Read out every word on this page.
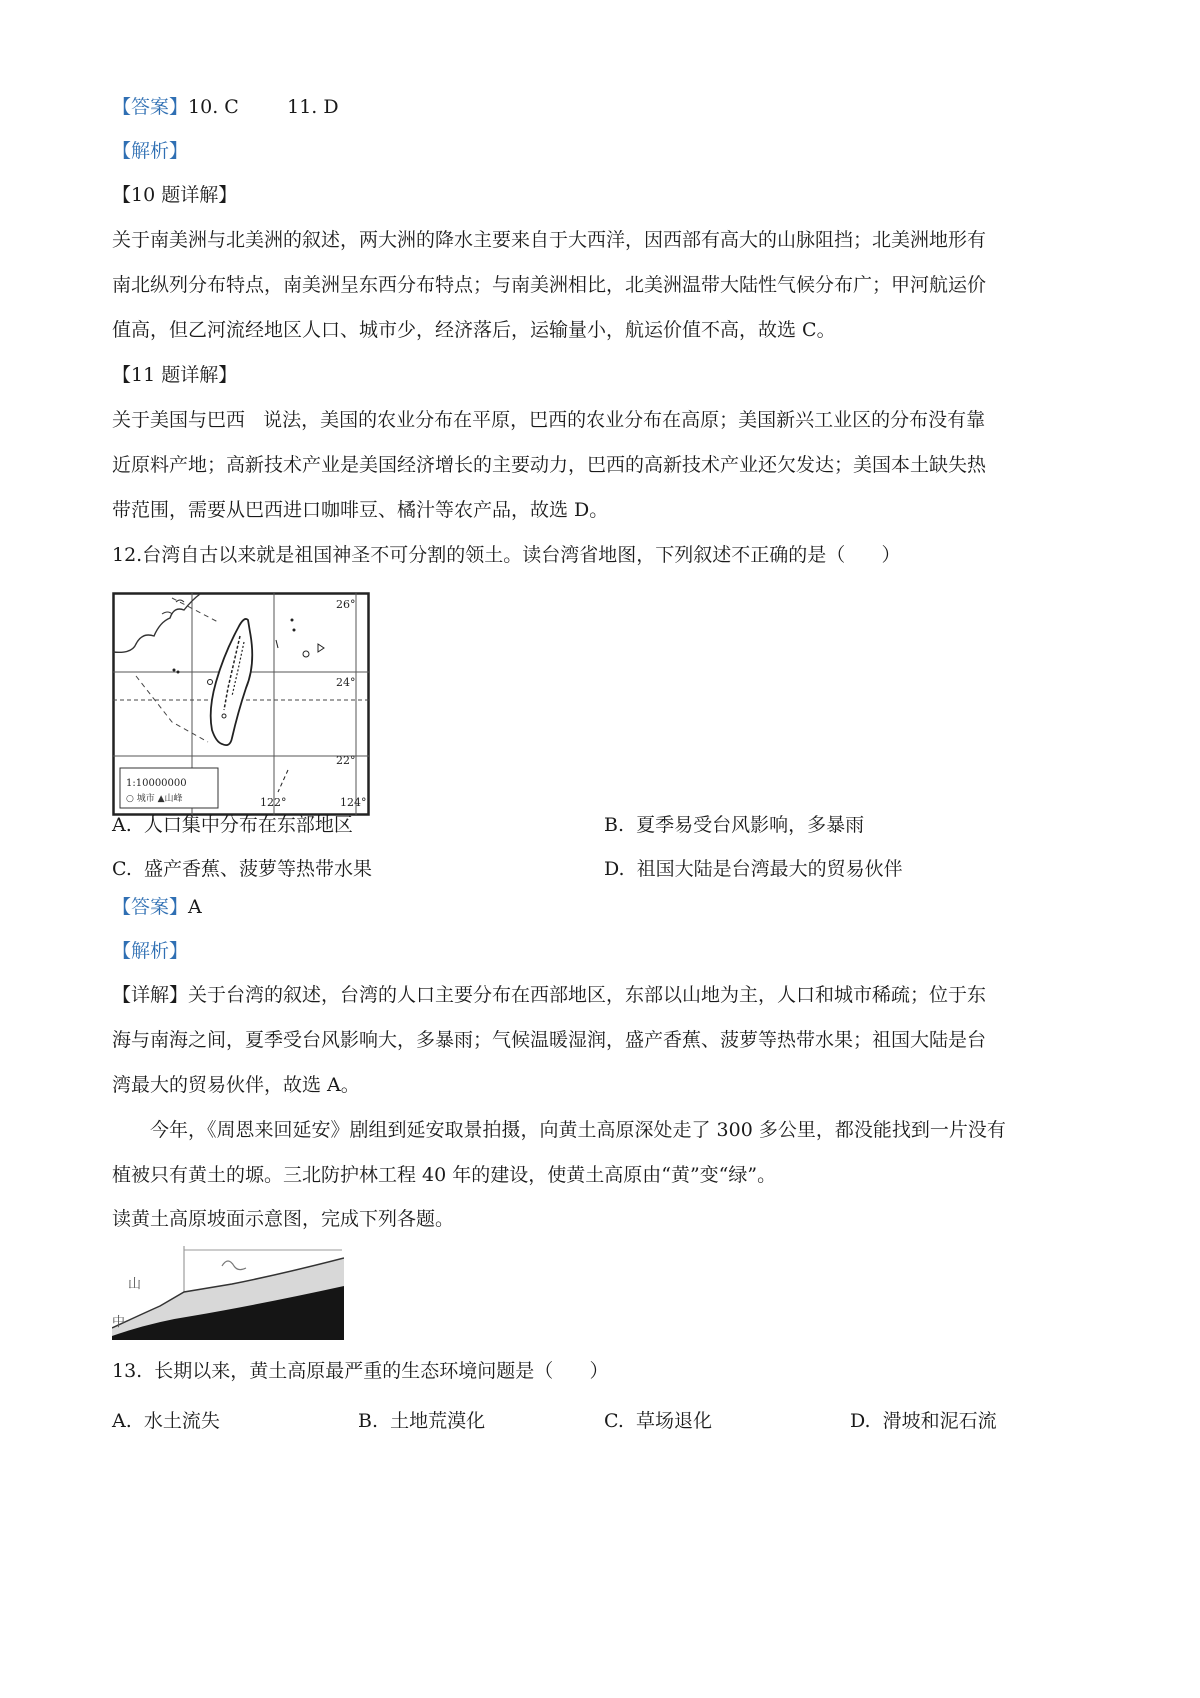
【答案】10. C        11. D
【解析】
【10 题详解】
关于南美洲与北美洲的叙述，两大洲的降水主要来自于大西洋，因西部有高大的山脉阻挡；北美洲地形有
南北纵列分布特点，南美洲呈东西分布特点；与南美洲相比，北美洲温带大陆性气候分布广；甲河航运价
值高，但乙河流经地区人口、城市少，经济落后，运输量小，航运价值不高，故选 C。
【11 题详解】
关于美国与巴西   说法，美国的农业分布在平原，巴西的农业分布在高原；美国新兴工业区的分布没有靠
近原料产地；高新技术产业是美国经济增长的主要动力，巴西的高新技术产业还欠发达；美国本土缺失热
带范围，需要从巴西进口咖啡豆、橘汁等农产品，故选 D。
12.台湾自古以来就是祖国神圣不可分割的领土。读台湾省地图，下列叙述不正确的是（      ）
26°
24°
22°
122°	124°
1:10000000
○ 城市 ▲山峰
A.  人口集中分布在东部地区	B.  夏季易受台风影响，多暴雨
C.  盛产香蕉、菠萝等热带水果	D.  祖国大陆是台湾最大的贸易伙伴
【答案】A
【解析】
【详解】关于台湾的叙述，台湾的人口主要分布在西部地区，东部以山地为主，人口和城市稀疏；位于东
海与南海之间，夏季受台风影响大，多暴雨；气候温暖湿润，盛产香蕉、菠萝等热带水果；祖国大陆是台
湾最大的贸易伙伴，故选 A。
今年，《周恩来回延安》剧组到延安取景拍摄，向黄土高原深处走了 300 多公里，都没能找到一片没有
植被只有黄土的塬。三北防护林工程 40 年的建设，使黄土高原由“黄”变“绿”。
读黄土高原坡面示意图，完成下列各题。
山
中
13.  长期以来，黄土高原最严重的生态环境问题是（      ）
A.  水土流失	B.  土地荒漠化	C.  草场退化	D.  滑坡和泥石流
